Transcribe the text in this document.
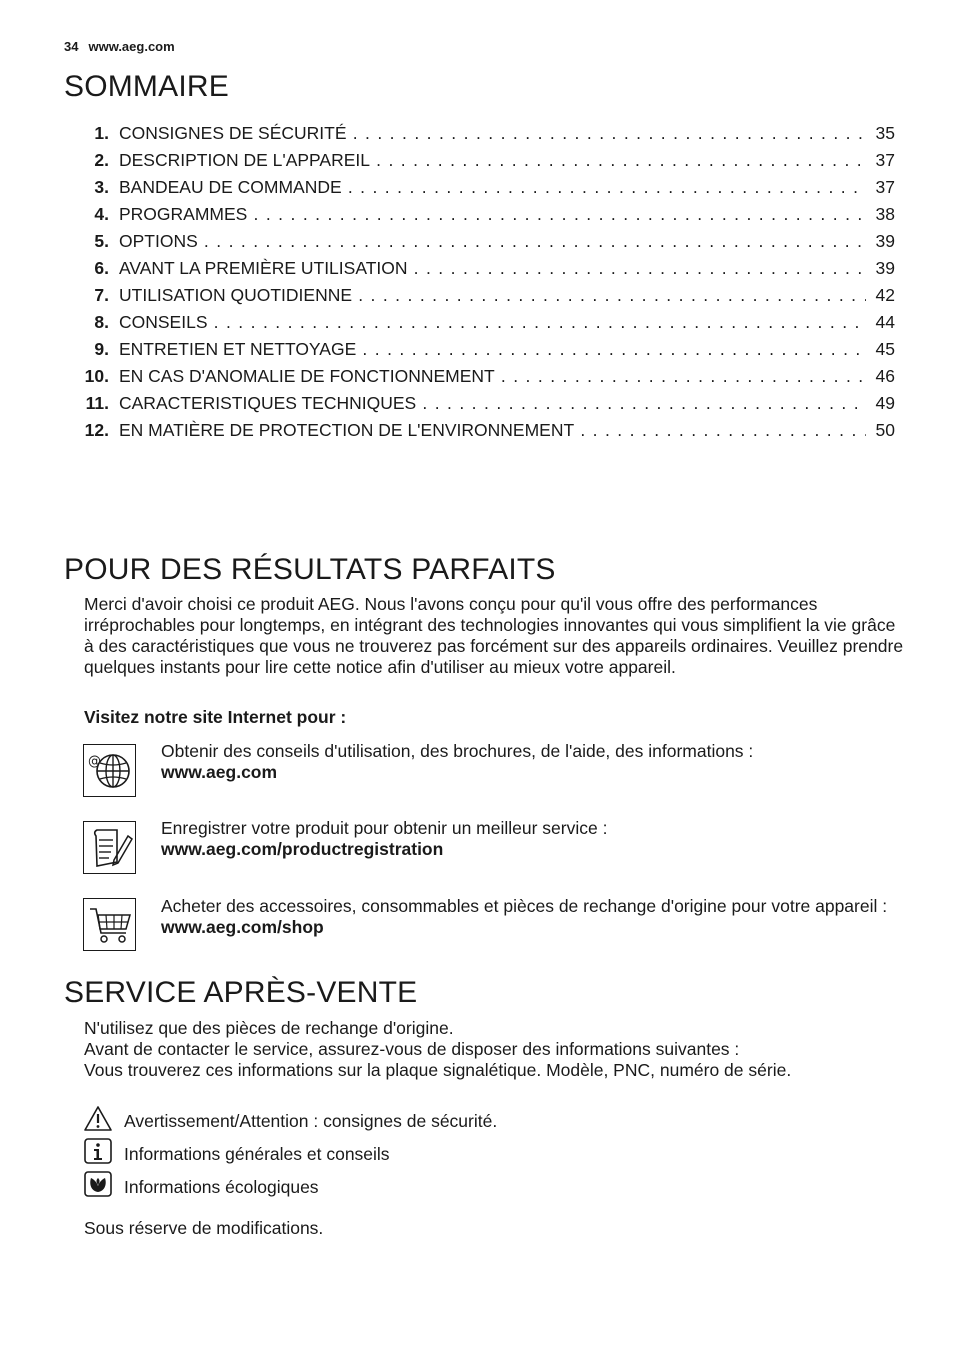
34 www.aeg.com
SOMMAIRE
1. CONSIGNES DE SÉCURITÉ . . .	35
2. DESCRIPTION DE L'APPAREIL . . .	37
3. BANDEAU DE COMMANDE . . .	37
4. PROGRAMMES . . .	38
5. OPTIONS . . .	39
6. AVANT LA PREMIÈRE UTILISATION . . .	39
7. UTILISATION QUOTIDIENNE . . .	42
8. CONSEILS . . .	44
9. ENTRETIEN ET NETTOYAGE . . .	45
10. EN CAS D'ANOMALIE DE FONCTIONNEMENT . . .	46
11. CARACTERISTIQUES TECHNIQUES . . .	49
12. EN MATIÈRE DE PROTECTION DE L'ENVIRONNEMENT . . .	50
POUR DES RÉSULTATS PARFAITS
Merci d'avoir choisi ce produit AEG. Nous l'avons conçu pour qu'il vous offre des performances irréprochables pour longtemps, en intégrant des technologies innovantes qui vous simplifient la vie grâce à des caractéristiques que vous ne trouverez pas forcément sur des appareils ordinaires. Veuillez prendre quelques instants pour lire cette notice afin d'utiliser au mieux votre appareil.
Visitez notre site Internet pour :
@
Obtenir des conseils d'utilisation, des brochures, de l'aide, des informations :
www.aeg.com
Enregistrer votre produit pour obtenir un meilleur service :
www.aeg.com/productregistration
Acheter des accessoires, consommables et pièces de rechange d'origine pour votre appareil :
www.aeg.com/shop
SERVICE APRÈS-VENTE
N'utilisez que des pièces de rechange d'origine.
Avant de contacter le service, assurez-vous de disposer des informations suivantes :
Vous trouverez ces informations sur la plaque signalétique. Modèle, PNC, numéro de série.
Avertissement/Attention : consignes de sécurité.
Informations générales et conseils
Informations écologiques
Sous réserve de modifications.
